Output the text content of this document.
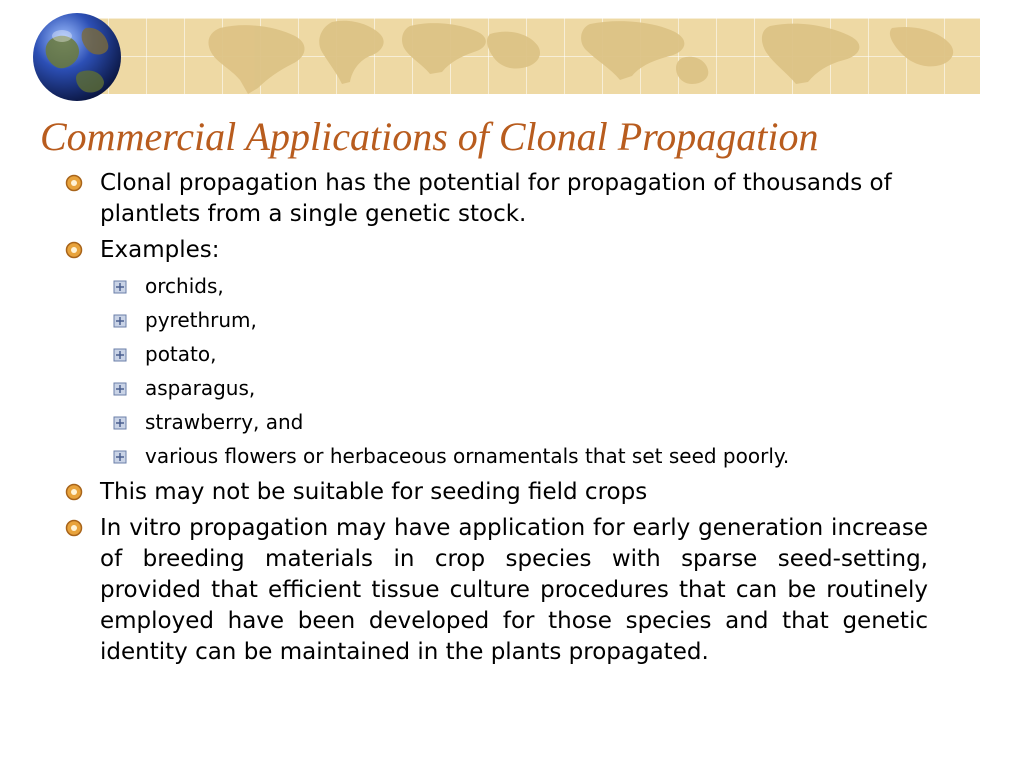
Commercial Applications of Clonal Propagation
Clonal propagation has the potential for propagation of thousands of plantlets from a single genetic stock.
Examples:
orchids,
pyrethrum,
potato,
asparagus,
strawberry, and
various flowers or herbaceous ornamentals that set seed poorly.
This may not be suitable for seeding field crops
In vitro propagation may have application for early generation increase of breeding materials in crop species with sparse seed-setting, provided that efficient tissue culture procedures that can be routinely employed have been developed for those species and that genetic identity can be maintained in the plants propagated.
